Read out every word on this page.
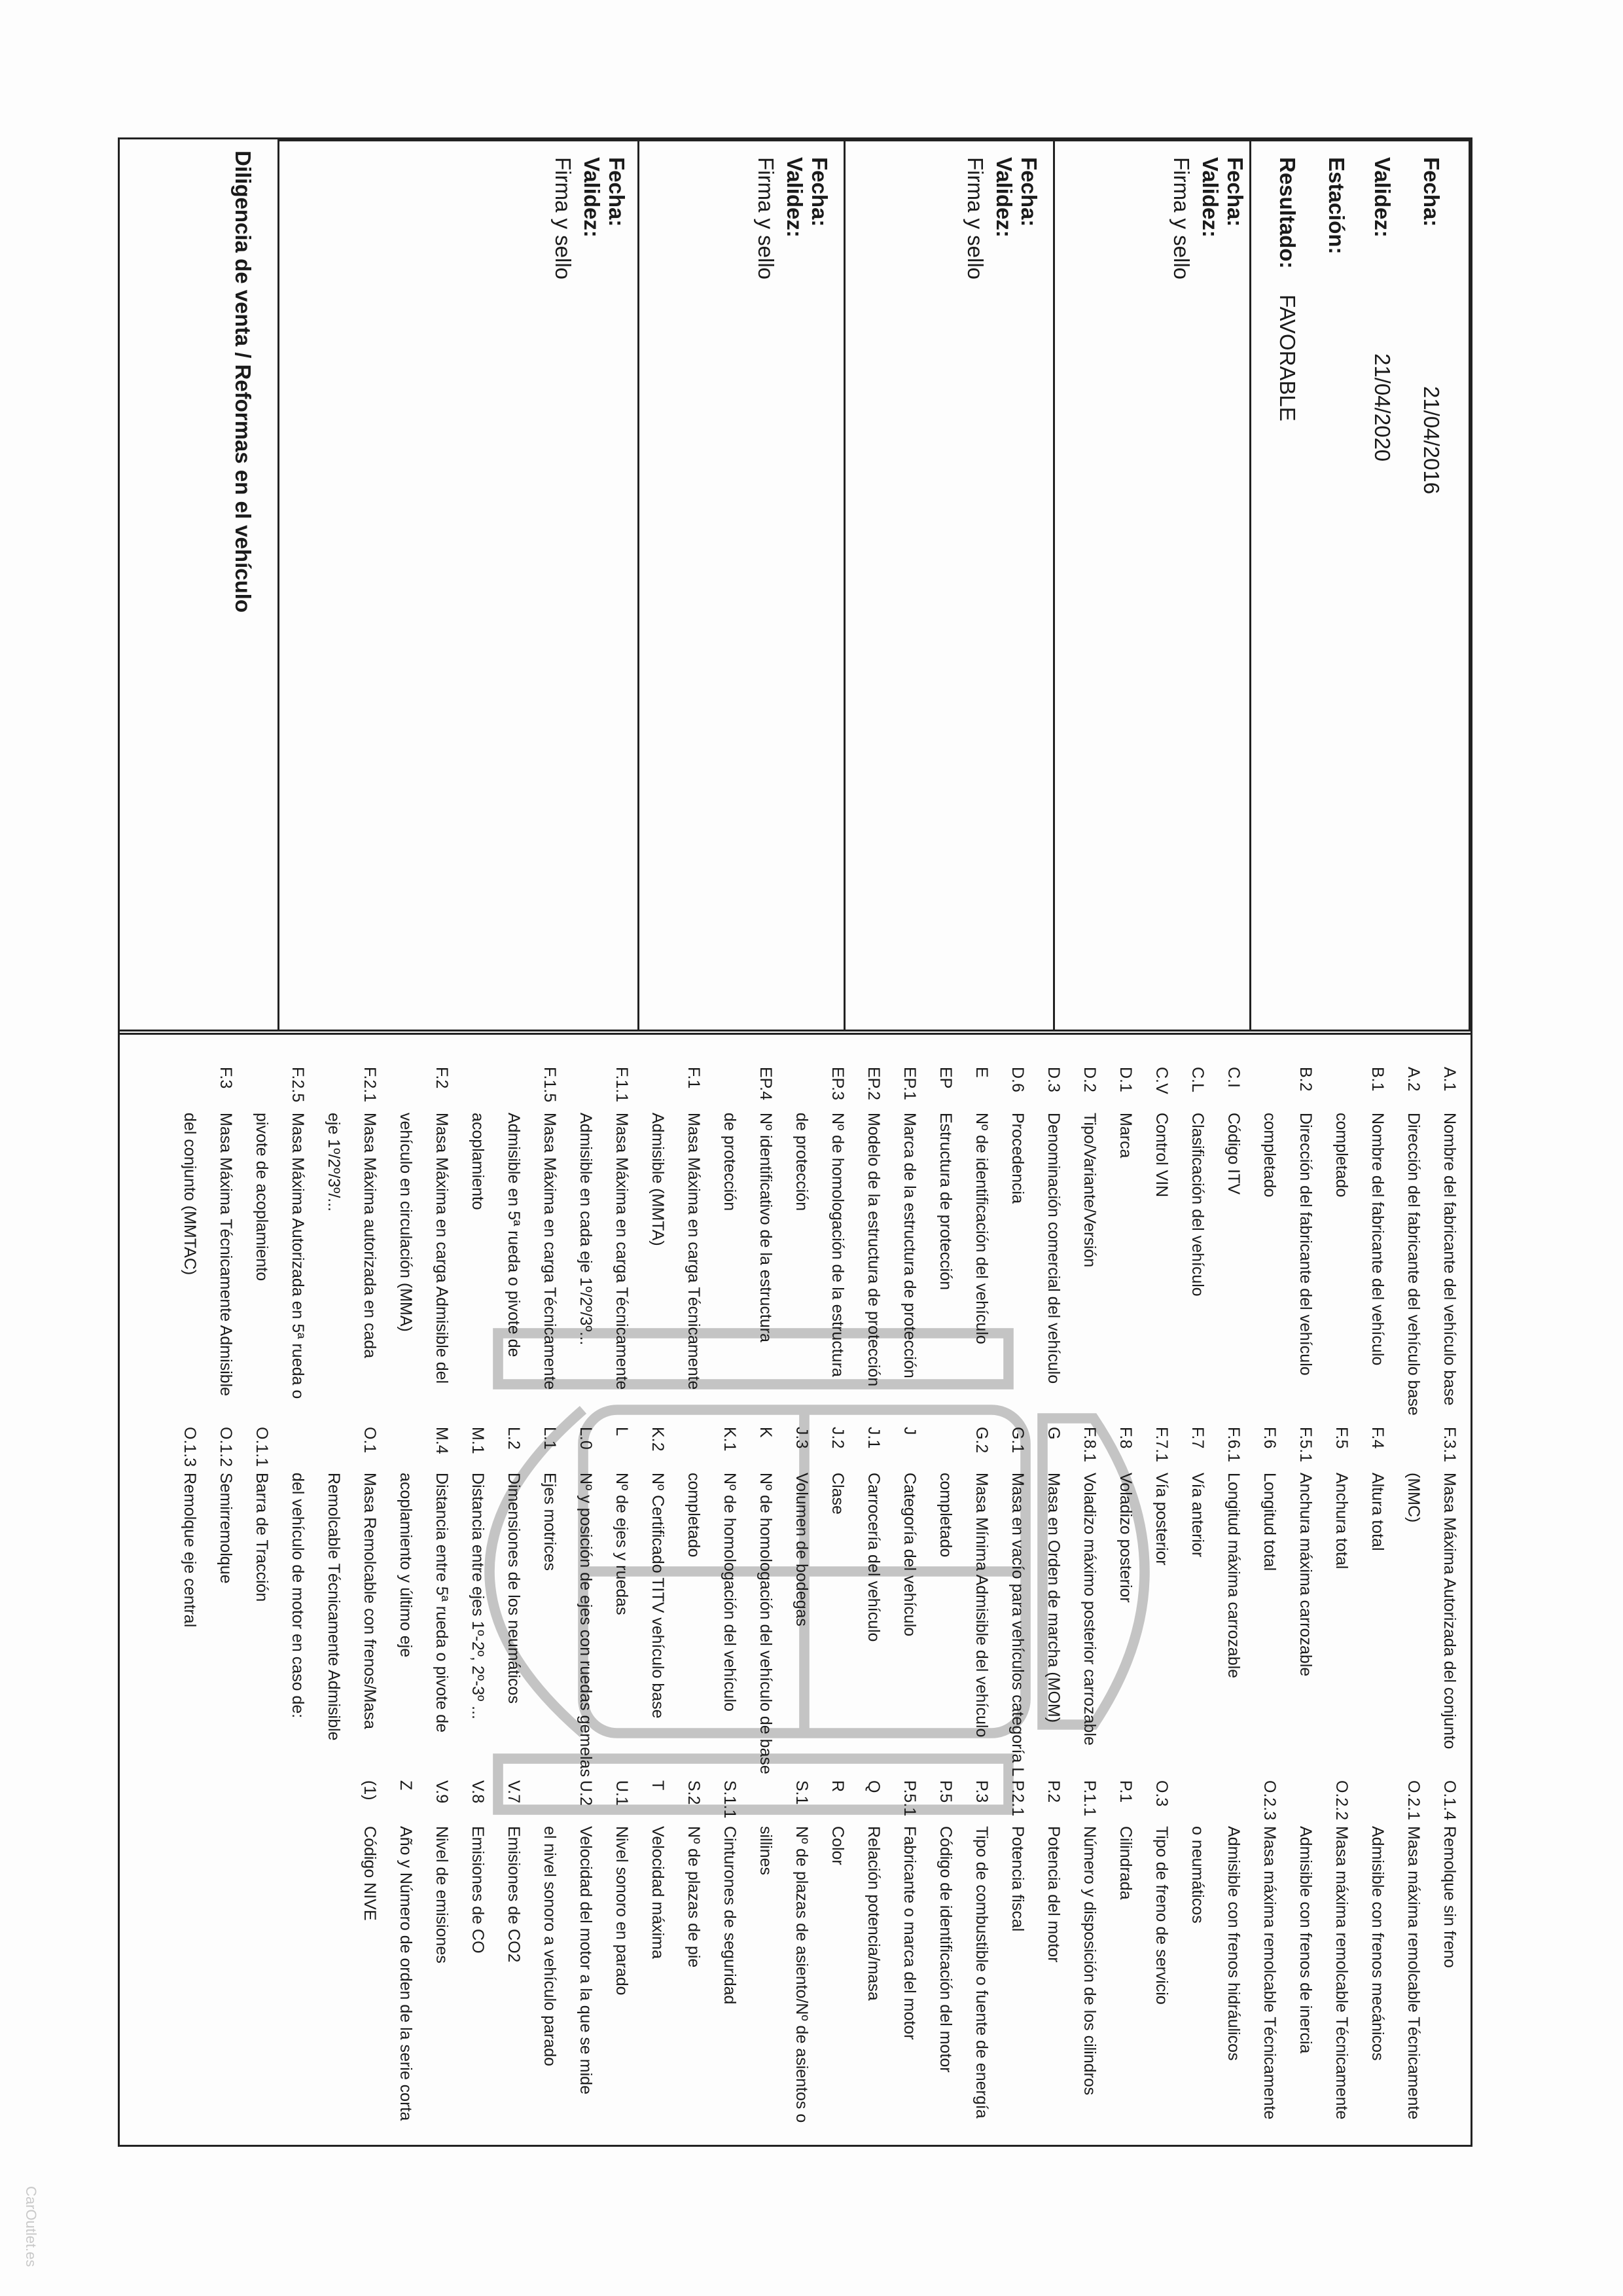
Fecha:
21/04/2016
Validez:
21/04/2020
Estación:
Resultado:
FAVORABLE
Fecha:
Validez:
Firma y sello
Fecha:
Validez:
Firma y sello
Fecha:
Validez:
Firma y sello
Fecha:
Validez:
Firma y sello
Diligencia de venta / Reformas en el vehículo
A.1Nombre del fabricante del vehículo base
A.2Dirección del fabricante del vehículo base
B.1Nombre del fabricante del vehículo
completado
B.2Dirección del fabricante del vehículo
completado
C.ICódigo ITV
C.LClasificación del vehículo
C.VControl VIN
D.1Marca
D.2Tipo/Variante/Versión
D.3Denominación comercial del vehículo
D.6Procedencia
ENº de identificación del vehículo
EPEstructura de protección
EP.1Marca de la estructura de protección
EP.2Modelo de la estructura de protección
EP.3Nº de homologación de la estructura
de protección
EP.4Nº identificativo de la estructura
de protección
F.1Masa Máxima en carga Técnicamente
Admisible (MMTA)
F.1.1Masa Máxima en carga Técnicamente
Admisible en cada eje 1º/2º/3º...
F.1.5Masa Máxima en carga Técnicamente
Admisible en 5ª rueda o pivote de
acoplamiento
F.2Masa Máxima en carga Admisible del
vehículo en circulación (MMA)
F.2.1Masa Máxima autorizada en cada
eje 1º/2º/3º/...
F.2.5Masa Máxima Autorizada en 5ª rueda o
pivote de acoplamiento
F.3Masa Máxima Técnicamente Admisible
del conjunto (MMTAC)
F.3.1Masa Máxima Autorizada del conjunto
(MMC)
F.4Altura total
F.5Anchura total
F.5.1Anchura máxima carrozable
F.6Longitud total
F.6.1Longitud máxima carrozable
F.7Vía anterior
F.7.1Vía posterior
F.8Voladizo posterior
F.8.1Voladizo máximo posterior carrozable
GMasa en Orden de marcha (MOM)
G.1Masa en vacío para vehículos categoría L
G.2Masa Mínima Admisible del vehículo
completado
JCategoría del vehículo
J.1Carrocería del vehículo
J.2Clase
J.3Volumen de bodegas
KNº de homologación del vehículo de base
K.1Nº de homologación del vehículo
completado
K.2Nº Certificado TITV vehículo base
LNº de ejes y ruedas
L.0Nº y posición de ejes con ruedas gemelas
L.1Ejes motrices
L.2Dimensiones de los neumáticos
M.1Distancia entre ejes 1º-2º, 2º-3º ...
M.4Distancia entre 5ª rueda o pivote de
acoplamiento y último eje
O.1Masa Remolcable con frenos/Masa
Remolcable Técnicamente Admisible
del vehículo de motor en caso de:
O.1.1Barra de Tracción
O.1.2Semirremolque
O.1.3Remolque eje central
O.1.4Remolque sin freno
O.2.1Masa máxima remolcable Técnicamente
Admisible con frenos mecánicos
O.2.2Masa máxima remolcable Técnicamente
Admisible con frenos de inercia
O.2.3Masa máxima remolcable Técnicamente
Admisible con frenos hidráulicos
o neumáticos
O.3Tipo de freno de servicio
P.1Cilindrada
P.1.1Número y disposición de los cilindros
P.2Potencia del motor
P.2.1Potencia fiscal
P.3Tipo de combustible o fuente de energía
P.5Código de identificación del motor
P.5.1Fabricante o marca del motor
QRelación potencia/masa
RColor
S.1Nº de plazas de asiento/Nº de asientos o
sillines
S.1.1Cinturones de seguridad
S.2Nº de plazas de pie
TVelocidad máxima
U.1Nivel sonoro en parado
U.2Velocidad del motor a la que se mide
el nivel sonoro a vehículo parado
V.7Emisiones de CO2
V.8Emisiones de CO
V.9Nivel de emisiones
ZAño y Número de orden de la serie corta
(1)Código NIVE
CarOutlet.es
